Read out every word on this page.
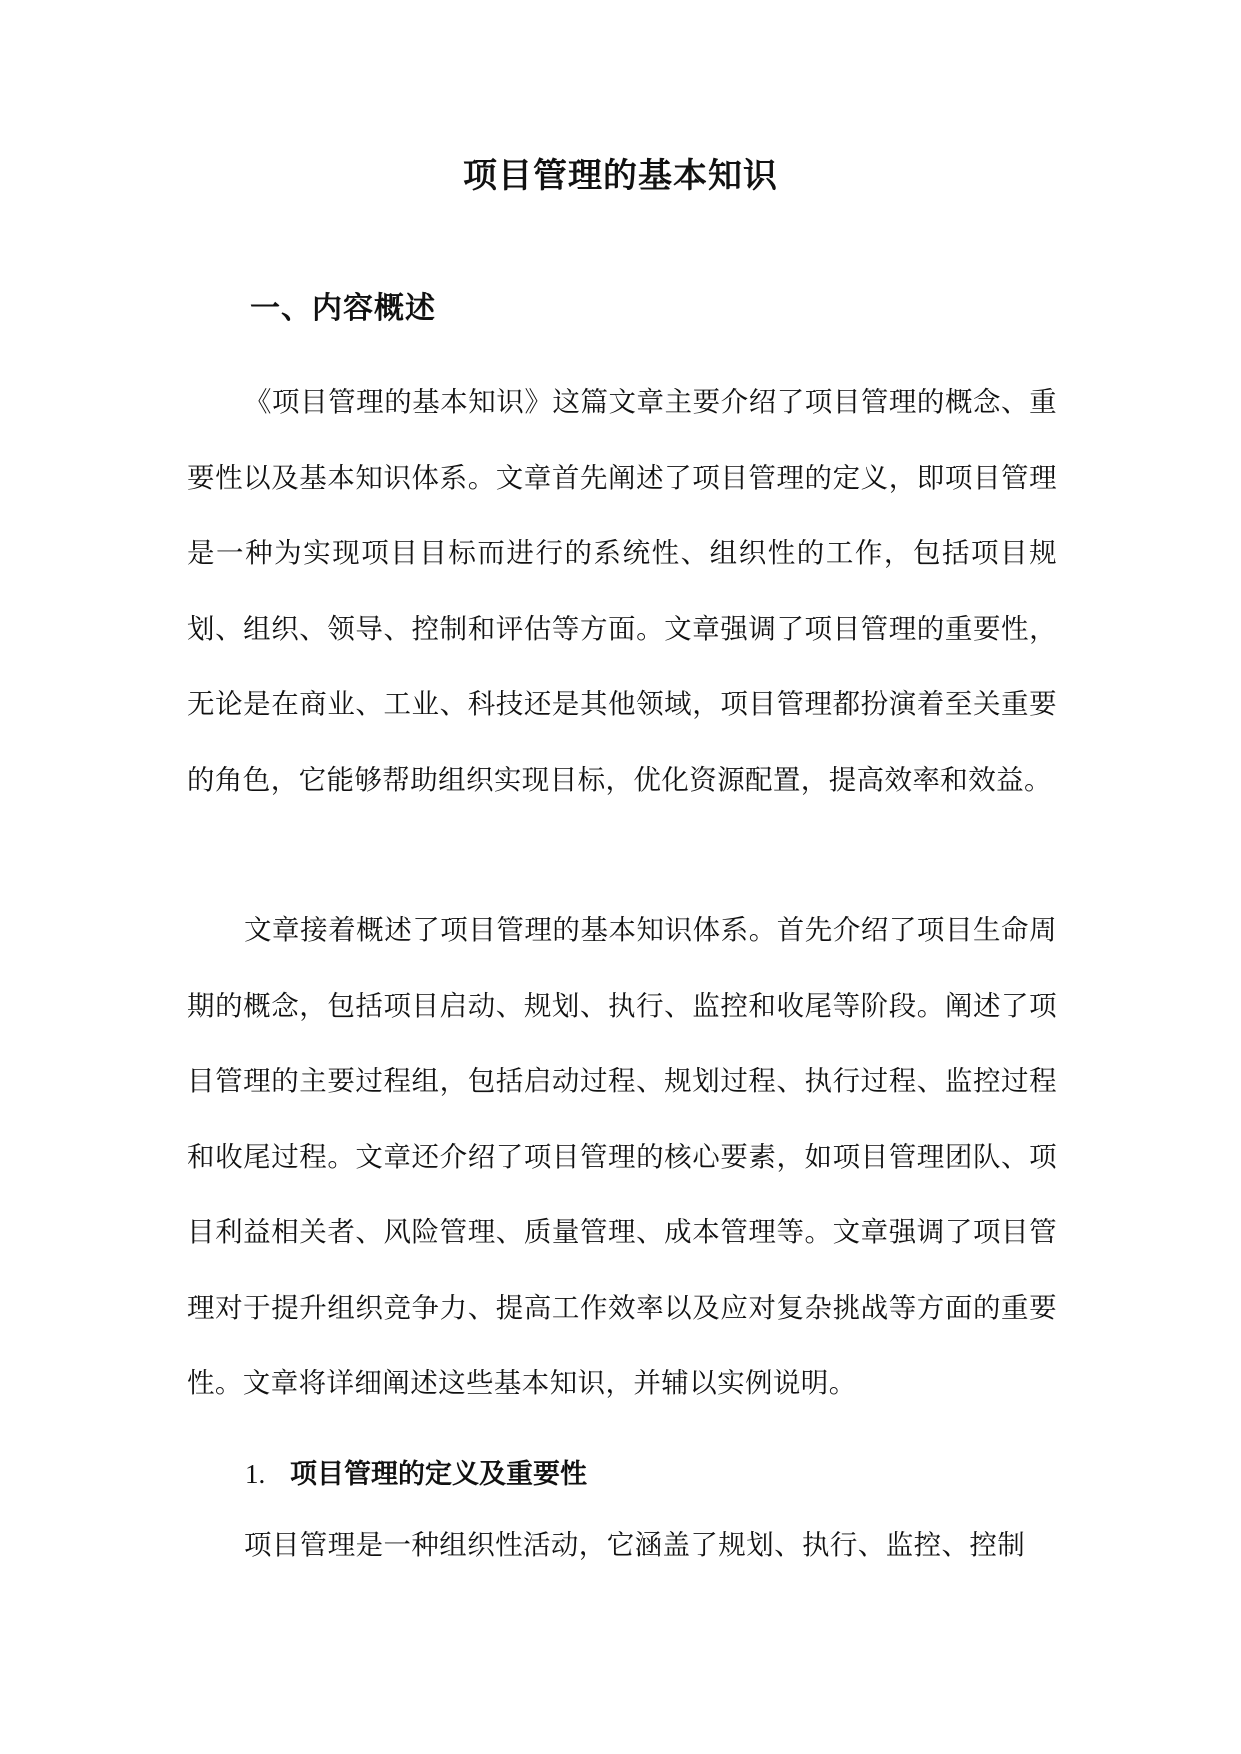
项目管理的基本知识
一、内容概述

《项目管理的基本知识》这篇文章主要介绍了项目管理的概念、重要性以及基本知识体系。文章首先阐述了项目管理的定义，即项目管理是一种为实现项目目标而进行的系统性、组织性的工作，包括项目规划、组织、领导、控制和评估等方面。文章强调了项目管理的重要性，无论是在商业、工业、科技还是其他领域，项目管理都扮演着至关重要的角色，它能够帮助组织实现目标，优化资源配置，提高效率和效益。

文章接着概述了项目管理的基本知识体系。首先介绍了项目生命周期的概念，包括项目启动、规划、执行、监控和收尾等阶段。阐述了项目管理的主要过程组，包括启动过程、规划过程、执行过程、监控过程和收尾过程。文章还介绍了项目管理的核心要素，如项目管理团队、项目利益相关者、风险管理、质量管理、成本管理等。文章强调了项目管理对于提升组织竞争力、提高工作效率以及应对复杂挑战等方面的重要性。文章将详细阐述这些基本知识，并辅以实例说明。

1. 项目管理的定义及重要性

项目管理是一种组织性活动，它涵盖了规划、执行、监控、控制
